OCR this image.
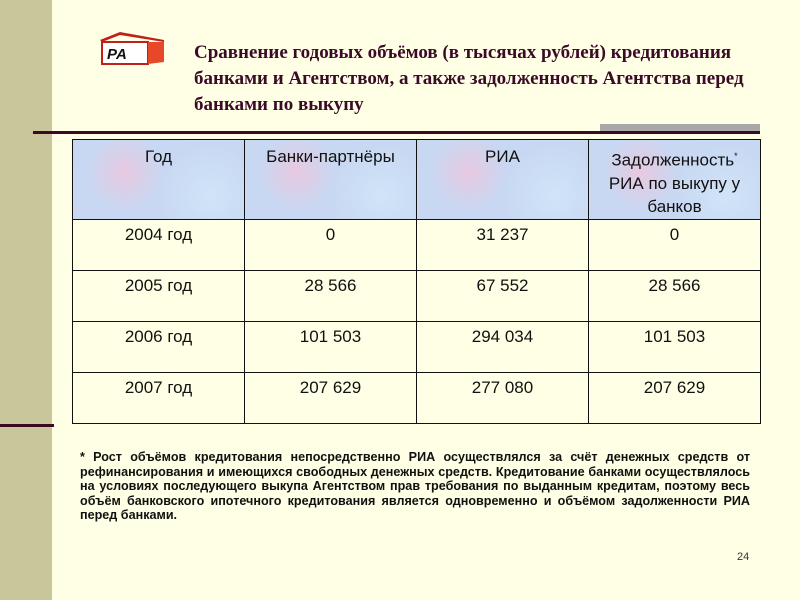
РА	Сравнение годовых объёмов (в тысячах рублей) кредитования банками и Агентством, а также задолженность Агентства перед банками по выкупу
Год	Банки-партнёры	РИА	Задолженность*
РИА по выкупу у банков
2004 год	0	31 237	0
2005 год	28 566	67 552	28 566
2006 год	101 503	294 034	101 503
2007 год	207 629	277 080	207 629
* Рост объёмов кредитования непосредственно РИА осуществлялся за счёт денежных средств от рефинансирования и имеющихся свободных денежных средств. Кредитование банками осуществлялось на условиях последующего выкупа Агентством прав требования по выданным кредитам, поэтому весь объём банковского ипотечного кредитования является одновременно и объёмом задолженности РИА перед банками.
24
